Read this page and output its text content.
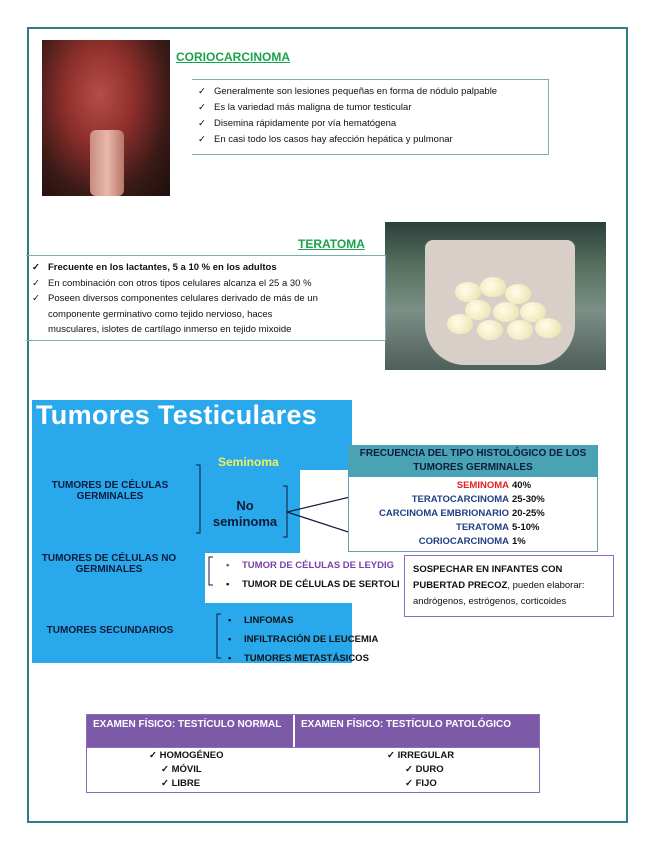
CORIOCARCINOMA
✓ Generalmente son lesiones pequeñas en forma de nódulo palpable
✓ Es la variedad más maligna de tumor testicular
✓ Disemina rápidamente por vía hematógena
✓ En casi todo los casos hay afección hepática y pulmonar
TERATOMA
✓ Frecuente en los lactantes, 5 a 10 % en los adultos
✓ En combinación con otros tipos celulares alcanza el 25 a 30 %
✓ Poseen diversos componentes celulares derivado de más de un
componente germinativo como tejido nervioso, haces
musculares, islotes de cartílago inmerso en tejido mixoide
Tumores Testiculares
TUMORES DE CÉLULAS GERMINALES
Seminoma
No seminoma
FRECUENCIA DEL TIPO HISTOLÓGICO DE LOS TUMORES GERMINALES
SEMINOMA 40%
TERATOCARCINOMA 25-30%
CARCINOMA EMBRIONARIO 20-25%
TERATOMA 5-10%
CORIOCARCINOMA 1%
TUMORES DE CÉLULAS NO GERMINALES	• TUMOR DE CÉLULAS DE LEYDIG
• TUMOR DE CÉLULAS DE SERTOLI
TUMORES SECUNDARIOS
• LINFOMAS
• INFILTRACIÓN DE LEUCEMIA
• TUMORES METASTÁSICOS
SOSPECHAR EN INFANTES CON PUBERTAD PRECOZ, pueden elaborar: andrógenos, estrógenos, corticoides
EXAMEN FÍSICO: TESTÍCULO NORMAL	EXAMEN FÍSICO: TESTÍCULO PATOLÓGICO
✓ HOMOGÉNEO
✓ MÓVIL
✓ LIBRE
✓ IRREGULAR
✓ DURO
✓ FIJO
